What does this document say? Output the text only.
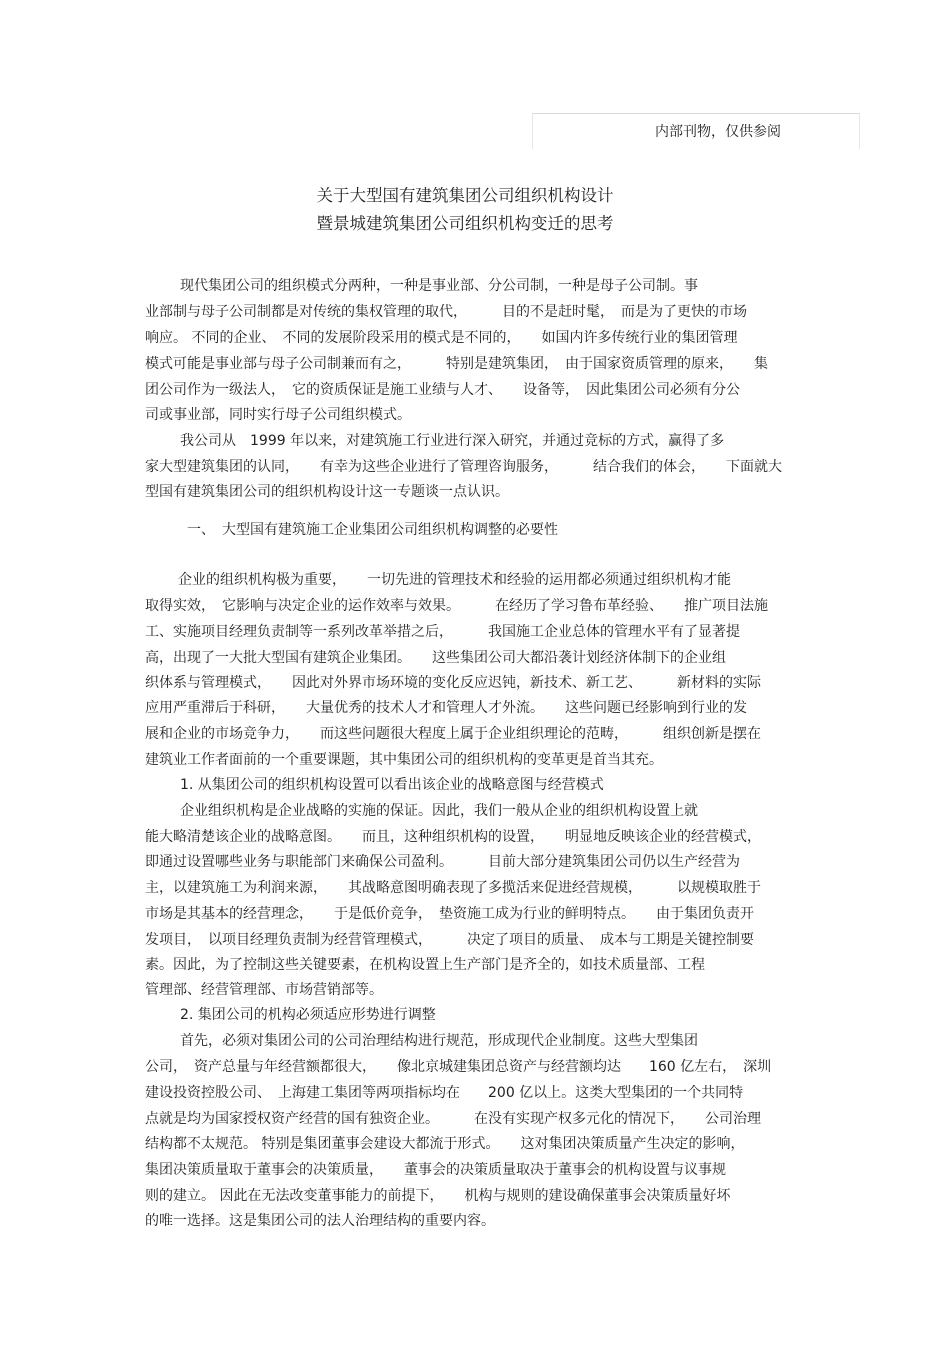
内部刊物，仅供参阅
关于大型国有建筑集团公司组织机构设计
暨景城建筑集团公司组织机构变迁的思考
现代集团公司的组织模式分两种，一种是事业部、分公司制，一种是母子公司制。事
业部制与母子公司制都是对传统的集权管理的取代，　　　目的不是赶时髦，　而是为了更快的市场
响应。 不同的企业、　不同的发展阶段采用的模式是不同的，　　如国内许多传统行业的集团管理
模式可能是事业部与母子公司制兼而有之，　　　特别是建筑集团，　由于国家资质管理的原来，　　集
团公司作为一级法人，　它的资质保证是施工业绩与人才、　　设备等，　因此集团公司必须有分公
司或事业部，同时实行母子公司组织模式。
我公司从　1999 年以来，对建筑施工行业进行深入研究，并通过竞标的方式，赢得了多
家大型建筑集团的认同，　　有幸为这些企业进行了管理咨询服务，　　　结合我们的体会，　　下面就大
型国有建筑集团公司的组织机构设计这一专题谈一点认识。
一、　大型国有建筑施工企业集团公司组织机构调整的必要性
企业的组织机构极为重要，　　一切先进的管理技术和经验的运用都必须通过组织机构才能
取得实效，　它影响与决定企业的运作效率与效果。　　　在经历了学习鲁布革经验、　　推广项目法施
工、实施项目经理负责制等一系列改革举措之后，　　　我国施工企业总体的管理水平有了显著提
高，出现了一大批大型国有建筑企业集团。　　这些集团公司大都沿袭计划经济体制下的企业组
织体系与管理模式，　　因此对外界市场环境的变化反应迟钝，新技术、新工艺、　　　新材料的实际
应用严重滞后于科研，　　大量优秀的技术人才和管理人才外流。　　这些问题已经影响到行业的发
展和企业的市场竞争力，　　而这些问题很大程度上属于企业组织理论的范畴，　　　组织创新是摆在
建筑业工作者面前的一个重要课题，其中集团公司的组织机构的变革更是首当其充。
1. 从集团公司的组织机构设置可以看出该企业的战略意图与经营模式
企业组织机构是企业战略的实施的保证。因此，我们一般从企业的组织机构设置上就
能大略清楚该企业的战略意图。　　而且，这种组织机构的设置，　　明显地反映该企业的经营模式，
即通过设置哪些业务与职能部门来确保公司盈利。　　　目前大部分建筑集团公司仍以生产经营为
主，以建筑施工为利润来源，　　其战略意图明确表现了多揽活来促进经营规模，　　　以规模取胜于
市场是其基本的经营理念，　　于是低价竞争，　垫资施工成为行业的鲜明特点。　　由于集团负责开
发项目，　以项目经理负责制为经营管理模式，　　　决定了项目的质量、　成本与工期是关键控制要
素。因此，为了控制这些关键要素，在机构设置上生产部门是齐全的，如技术质量部、工程
管理部、经营管理部、市场营销部等。
2. 集团公司的机构必须适应形势进行调整
首先，必须对集团公司的公司治理结构进行规范，形成现代企业制度。这些大型集团
公司，　资产总量与年经营额都很大，　　像北京城建集团总资产与经营额均达　　160 亿左右，　深圳
建设投资控股公司、　上海建工集团等两项指标均在　　200 亿以上。这类大型集团的一个共同特
点就是均为国家授权资产经营的国有独资企业。　　　在没有实现产权多元化的情况下，　　公司治理
结构都不太规范。 特别是集团董事会建设大都流于形式。　　这对集团决策质量产生决定的影响，
集团决策质量取于董事会的决策质量，　　董事会的决策质量取决于董事会的机构设置与议事规
则的建立。 因此在无法改变董事能力的前提下，　　机构与规则的建设确保董事会决策质量好坏
的唯一选择。这是集团公司的法人治理结构的重要内容。
